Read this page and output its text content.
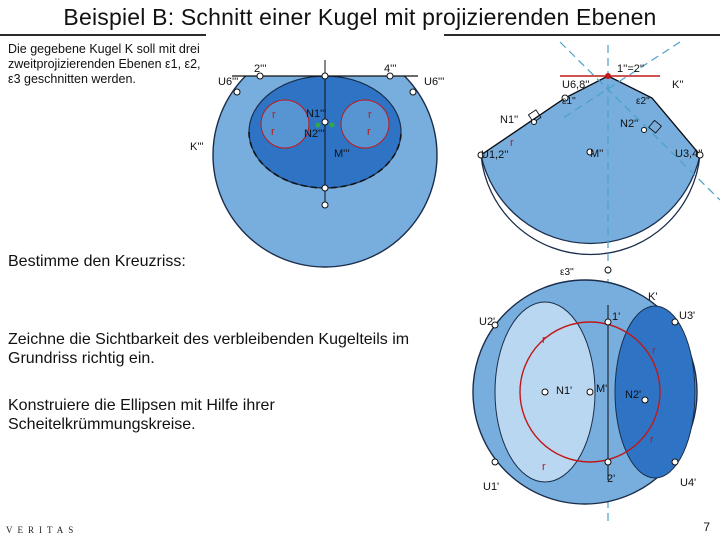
Beispiel B: Schnitt einer Kugel mit projizierenden Ebenen
Die gegebene Kugel K soll mit drei zweitprojizierenden Ebenen ε1, ε2, ε3 geschnitten werden.
Bestimme den Kreuzriss:
Zeichne die Sichtbarkeit des verbleibenden Kugelteils im Grundriss richtig ein.
Konstruiere die Ellipsen mit Hilfe ihrer Scheitelkrümmungskreise.
K'''
U6'''
2'''	4'''
U6'''
r
r
r
r
N1'''
N2'''
M'''
U6,8''
1''=2''
K''
ε1''	ε2''
N1''	N2''
r
U1,2''	M''	U3,4''
ε3''
K'
U2'	U3'
1'
r
r
N1' M' N2'
r
r
U1'
2'	U4'
VERITAS	7
